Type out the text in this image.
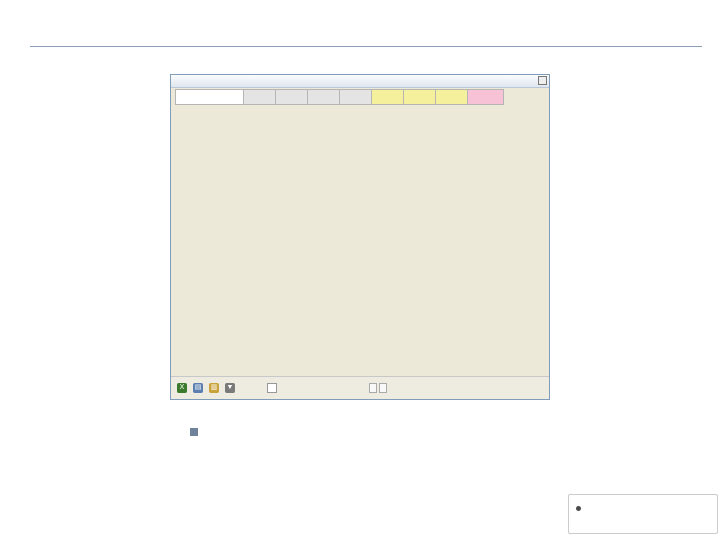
X	▤ ▥ ▼
